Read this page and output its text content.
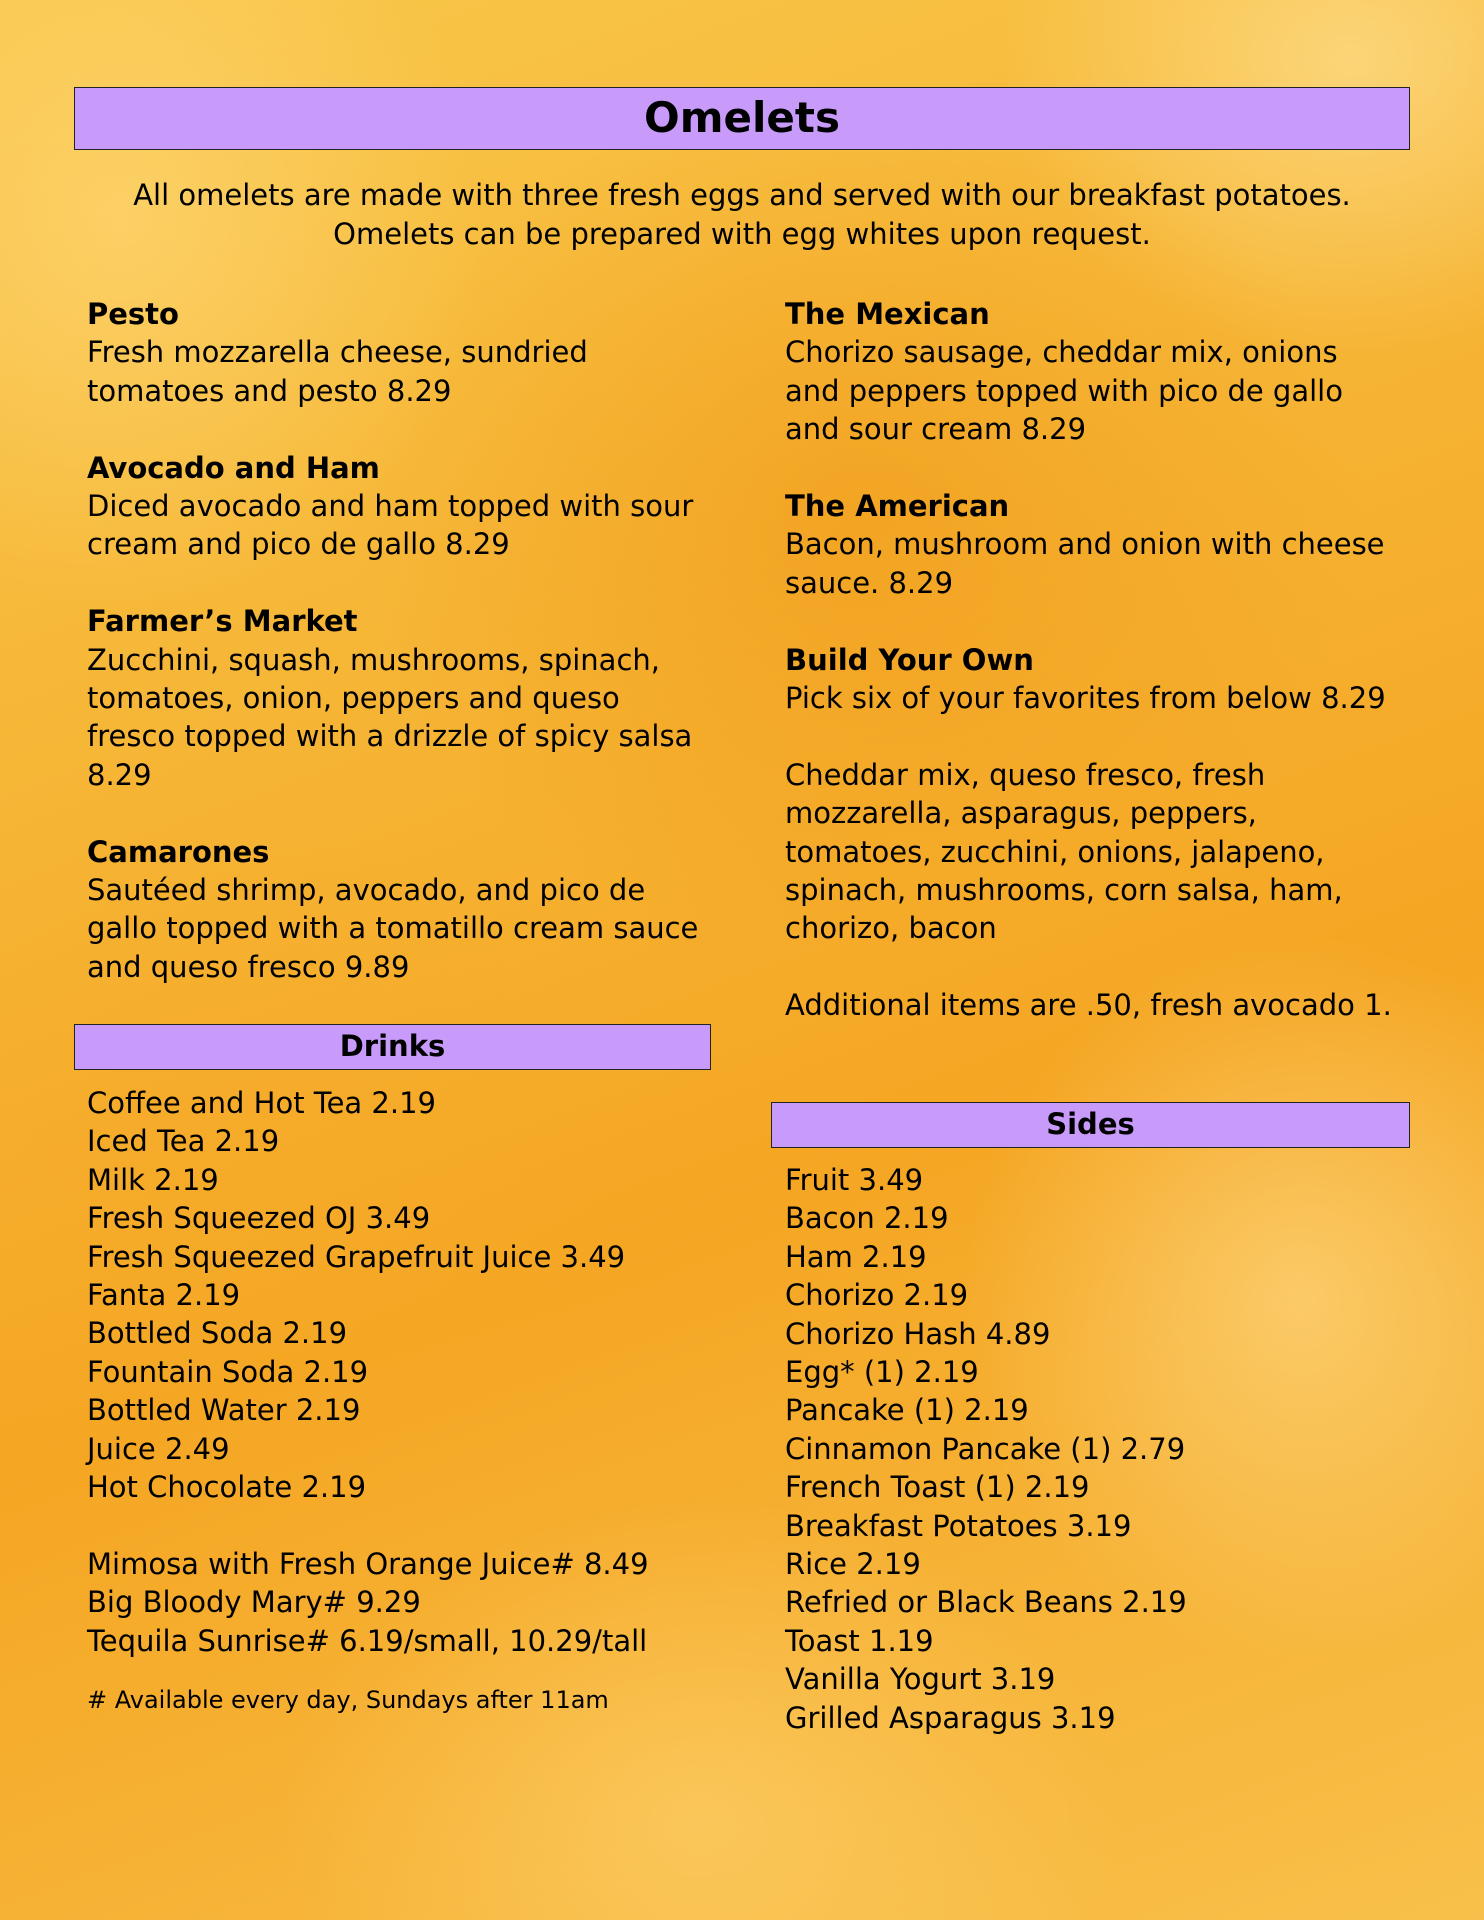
Omelets
All omelets are made with three fresh eggs and served with our breakfast potatoes.
Omelets can be prepared with egg whites upon request.
Pesto
Fresh mozzarella cheese, sundried
tomatoes and pesto 8.29
Avocado and Ham
Diced avocado and ham topped with sour
cream and pico de gallo 8.29
Farmer’s Market
Zucchini, squash, mushrooms, spinach,
tomatoes, onion, peppers and queso
fresco topped with a drizzle of spicy salsa
8.29
Camarones
Sautéed shrimp, avocado, and pico de
gallo topped with a tomatillo cream sauce
and queso fresco 9.89
The Mexican
Chorizo sausage, cheddar mix, onions
and peppers topped with pico de gallo
and sour cream 8.29
The American
Bacon, mushroom and onion with cheese
sauce. 8.29
Build Your Own
Pick six of your favorites from below 8.29
Cheddar mix, queso fresco, fresh
mozzarella, asparagus, peppers,
tomatoes, zucchini, onions, jalapeno,
spinach, mushrooms, corn salsa, ham,
chorizo, bacon
Additional items are .50, fresh avocado 1.
Drinks
Coffee and Hot Tea 2.19
Iced Tea 2.19
Milk 2.19
Fresh Squeezed OJ 3.49
Fresh Squeezed Grapefruit Juice 3.49
Fanta 2.19
Bottled Soda 2.19
Fountain Soda 2.19
Bottled Water 2.19
Juice 2.49
Hot Chocolate 2.19
Mimosa with Fresh Orange Juice# 8.49
Big Bloody Mary# 9.29
Tequila Sunrise# 6.19/small, 10.29/tall
# Available every day, Sundays after 11am
Sides
Fruit 3.49
Bacon 2.19
Ham 2.19
Chorizo 2.19
Chorizo Hash 4.89
Egg* (1) 2.19
Pancake (1) 2.19
Cinnamon Pancake (1) 2.79
French Toast (1) 2.19
Breakfast Potatoes 3.19
Rice 2.19
Refried or Black Beans 2.19
Toast 1.19
Vanilla Yogurt 3.19
Grilled Asparagus 3.19
